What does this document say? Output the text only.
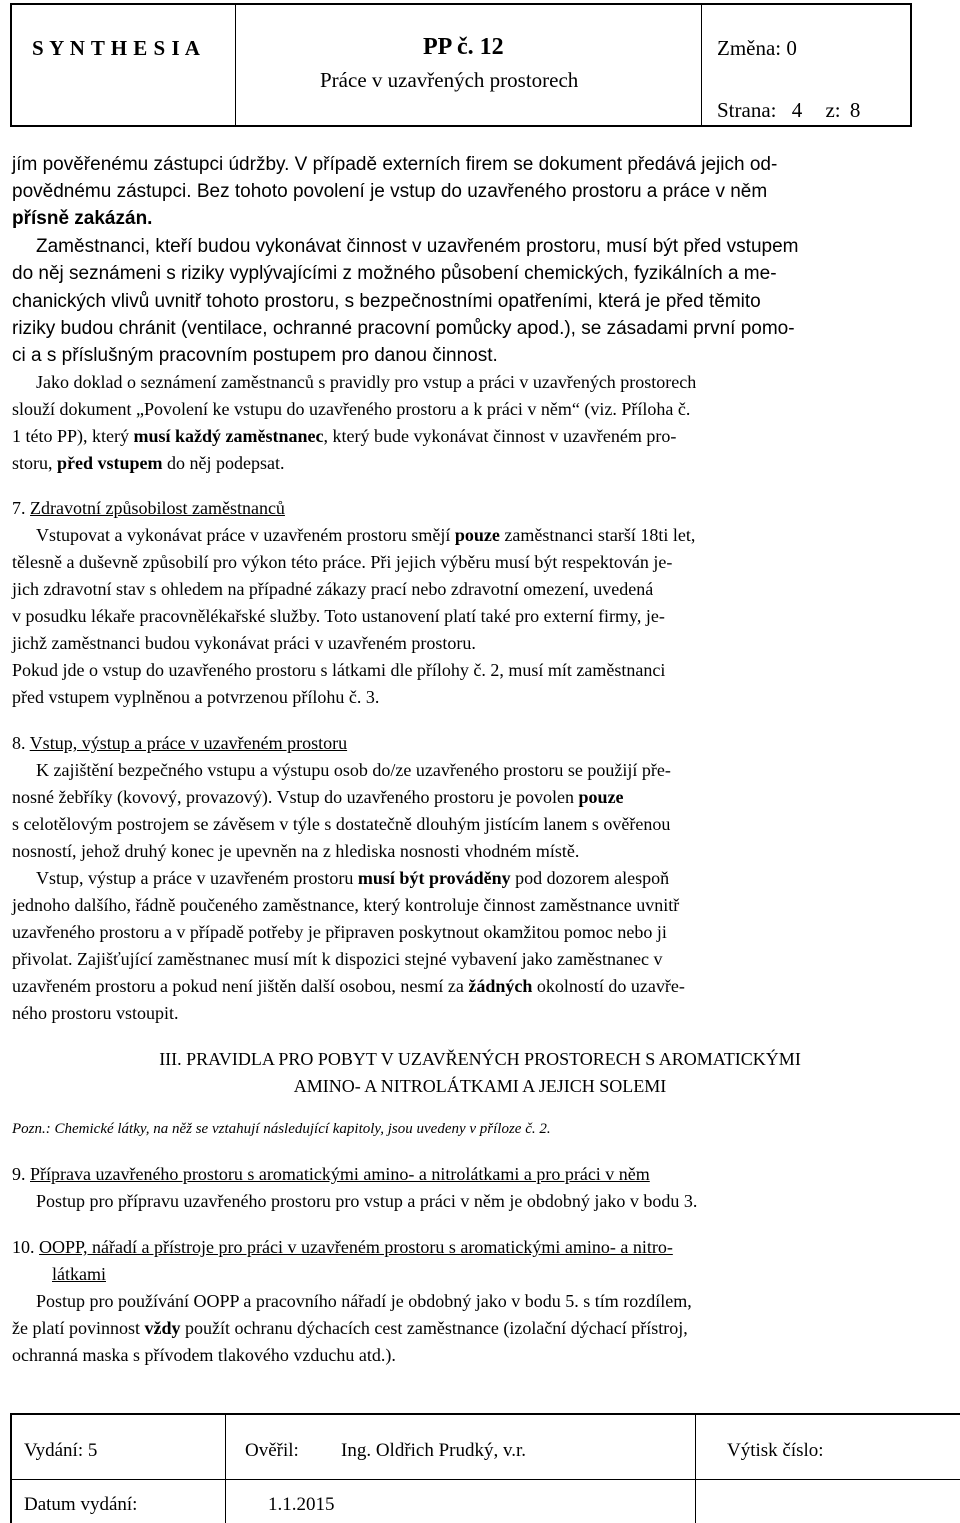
S Y N T H E S I A	PP č. 12
Práce v uzavřených prostorech
Změna: 0
Strana: 4 z: 8
jím pověřenému zástupci údržby. V případě externích firem se dokument předává jejich od-
povědnému zástupci. Bez tohoto povolení je vstup do uzavřeného prostoru a práce v něm
přísně zakázán.
Zaměstnanci, kteří budou vykonávat činnost v uzavřeném prostoru, musí být před vstupem
do něj seznámeni s riziky vyplývajícími z možného působení chemických, fyzikálních a me-
chanických vlivů uvnitř tohoto prostoru, s bezpečnostními opatřeními, která je před těmito
riziky budou chránit (ventilace, ochranné pracovní pomůcky apod.), se zásadami první pomo-
ci a s příslušným pracovním postupem pro danou činnost.
Jako doklad o seznámení zaměstnanců s pravidly pro vstup a práci v uzavřených prostorech
slouží dokument „Povolení ke vstupu do uzavřeného prostoru a k práci v něm“ (viz. Příloha č.
1 této PP), který musí každý zaměstnanec, který bude vykonávat činnost v uzavřeném pro-
storu, před vstupem do něj podepsat.
7. Zdravotní způsobilost zaměstnanců
Vstupovat a vykonávat práce v uzavřeném prostoru smějí pouze zaměstnanci starší 18ti let,
tělesně a duševně způsobilí pro výkon této práce. Při jejich výběru musí být respektován je-
jich zdravotní stav s ohledem na případné zákazy prací nebo zdravotní omezení, uvedená
v posudku lékaře pracovnělékařské služby. Toto ustanovení platí také pro externí firmy, je-
jichž zaměstnanci budou vykonávat práci v uzavřeném prostoru.
Pokud jde o vstup do uzavřeného prostoru s látkami dle přílohy č. 2, musí mít zaměstnanci
před vstupem vyplněnou a potvrzenou přílohu č. 3.
8. Vstup, výstup a práce v uzavřeném prostoru
K zajištění bezpečného vstupu a výstupu osob do/ze uzavřeného prostoru se použijí pře-
nosné žebříky (kovový, provazový). Vstup do uzavřeného prostoru je povolen pouze
s celotělovým postrojem se závěsem v týle s dostatečně dlouhým jistícím lanem s ověřenou
nosností, jehož druhý konec je upevněn na z hlediska nosnosti vhodném místě.
Vstup, výstup a práce v uzavřeném prostoru musí být prováděny pod dozorem alespoň
jednoho dalšího, řádně poučeného zaměstnance, který kontroluje činnost zaměstnance uvnitř
uzavřeného prostoru a v případě potřeby je připraven poskytnout okamžitou pomoc nebo ji
přivolat. Zajišťující zaměstnanec musí mít k dispozici stejné vybavení jako zaměstnanec v
uzavřeném prostoru a pokud není jištěn další osobou, nesmí za žádných okolností do uzavře-
ného prostoru vstoupit.
III. PRAVIDLA PRO POBYT V UZAVŘENÝCH PROSTORECH S AROMATICKÝMI
AMINO- A NITROLÁTKAMI A JEJICH SOLEMI
Pozn.: Chemické látky, na něž se vztahují následující kapitoly, jsou uvedeny v příloze č. 2.
9. Příprava uzavřeného prostoru s aromatickými amino- a nitrolátkami a pro práci v něm
Postup pro přípravu uzavřeného prostoru pro vstup a práci v něm je obdobný jako v bodu 3.
10. OOPP, nářadí a přístroje pro práci v uzavřeném prostoru s aromatickými amino- a nitro-
látkami
Postup pro používání OOPP a pracovního nářadí je obdobný jako v bodu 5. s tím rozdílem,
že platí povinnost vždy použít ochranu dýchacích cest zaměstnance (izolační dýchací přístroj,
ochranná maska s přívodem tlakového vzduchu atd.).
Vydání: 5	Ověřil: Ing. Oldřich Prudký, v.r.	Výtisk číslo:
Datum vydání:	1.1.2015
